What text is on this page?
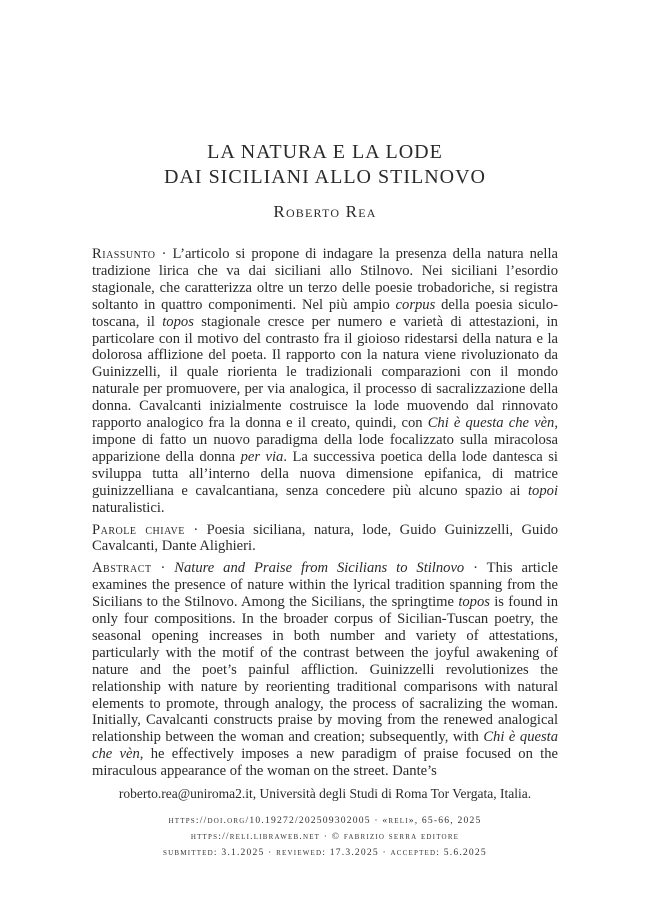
LA NATURA E LA LODE
DAI SICILIANI ALLO STILNOVO
Roberto Rea

Riassunto · L’articolo si propone di indagare la presenza della natura nella tradizione lirica che va dai siciliani allo Stilnovo. Nei siciliani l’esordio stagionale, che caratterizza oltre un terzo delle poesie trobadoriche, si registra soltanto in quattro componimenti. Nel più ampio corpus della poesia siculo-toscana, il topos stagionale cresce per numero e varietà di attestazioni, in particolare con il motivo del contrasto fra il gioioso ridestarsi della natura e la dolorosa afflizione del poeta. Il rapporto con la natura viene rivoluzionato da Guinizzelli, il quale riorienta le tradizionali comparazioni con il mondo naturale per promuovere, per via analogica, il processo di sacralizzazione della donna. Cavalcanti inizialmente costruisce la lode muovendo dal rinnovato rapporto analogico fra la donna e il creato, quindi, con Chi è questa che vèn, impone di fatto un nuovo paradigma della lode focalizzato sulla miracolosa apparizione della donna per via. La successiva poetica della lode dantesca si sviluppa tutta all’interno della nuova dimensione epifanica, di matrice guinizzelliana e cavalcantiana, senza concedere più alcuno spazio ai topoi naturalistici.

Parole chiave · Poesia siciliana, natura, lode, Guido Guinizzelli, Guido Cavalcanti, Dante Alighieri.

Abstract · Nature and Praise from Sicilians to Stilnovo · This article examines the presence of nature within the lyrical tradition spanning from the Sicilians to the Stilnovo. Among the Sicilians, the springtime topos is found in only four compositions. In the broader corpus of Sicilian-Tuscan poetry, the seasonal opening increases in both number and variety of attestations, particularly with the motif of the contrast between the joyful awakening of nature and the poet’s painful affliction. Guinizzelli revolutionizes the relationship with nature by reorienting traditional comparisons with natural elements to promote, through analogy, the process of sacralizing the woman. Initially, Cavalcanti constructs praise by moving from the renewed analogical relationship between the woman and creation; subsequently, with Chi è questa che vèn, he effectively imposes a new paradigm of praise focused on the miraculous appearance of the woman on the street. Dante’s

roberto.rea@uniroma2.it, Università degli Studi di Roma Tor Vergata, Italia.
https://doi.org/10.19272/202509302005 · «reli», 65-66, 2025
https://reli.libraweb.net · © fabrizio serra editore
submitted: 3.1.2025 · reviewed: 17.3.2025 · accepted: 5.6.2025
